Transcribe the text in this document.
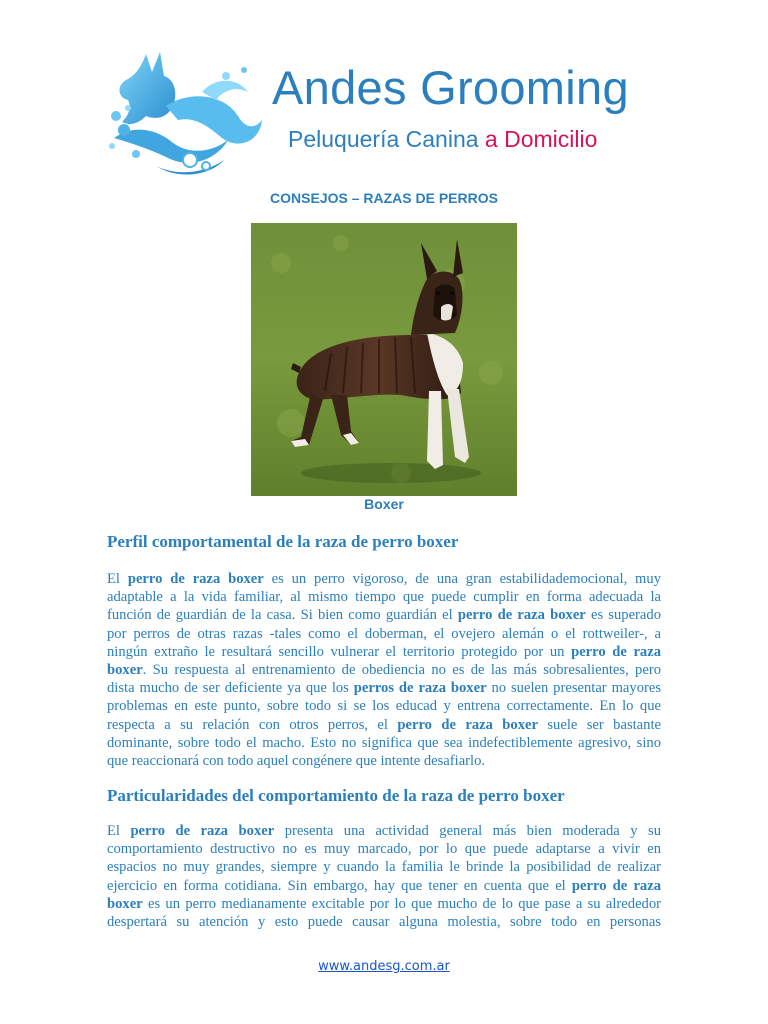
Andes Grooming
Peluquería Canina a Domicilio
CONSEJOS – RAZAS DE PERROS
Boxer
Perfil comportamental de la raza de perro boxer
El perro de raza boxer es un perro vigoroso, de una gran estabilidademocional, muy
adaptable a la vida familiar, al mismo tiempo que puede cumplir en forma adecuada la
función de guardián de la casa. Si bien como guardián el perro de raza boxer es superado
por perros de otras razas -tales como el doberman, el ovejero alemán o el rottweiler-, a
ningún extraño le resultará sencillo vulnerar el territorio protegido por un perro de raza
boxer. Su respuesta al entrenamiento de obediencia no es de las más sobresalientes, pero
dista mucho de ser deficiente ya que los perros de raza boxer no suelen presentar mayores
problemas en este punto, sobre todo si se los educad y entrena correctamente. En lo que
respecta a su relación con otros perros, el perro de raza boxer suele ser bastante
dominante, sobre todo el macho. Esto no significa que sea indefectiblemente agresivo, sino
que reaccionará con todo aquel congénere que intente desafiarlo.
Particularidades del comportamiento de la raza de perro boxer
El perro de raza boxer presenta una actividad general más bien moderada y su
comportamiento destructivo no es muy marcado, por lo que puede adaptarse a vivir en
espacios no muy grandes, siempre y cuando la familia le brinde la posibilidad de realizar
ejercicio en forma cotidiana. Sin embargo, hay que tener en cuenta que el perro de raza
boxer es un perro medianamente excitable por lo que mucho de lo que pase a su alrededor
despertará su atención y esto puede causar alguna molestia, sobre todo en personas
www.andesg.com.ar
